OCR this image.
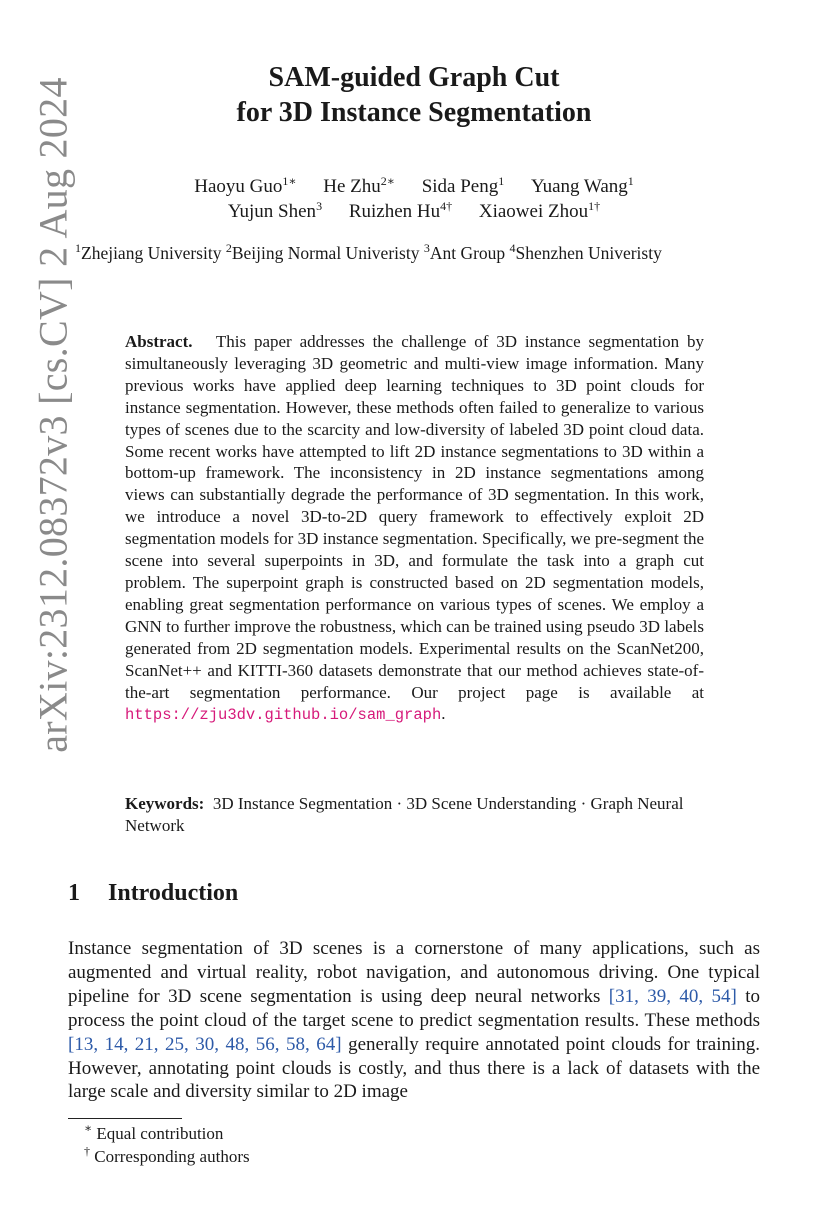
arXiv:2312.08372v3 [cs.CV] 2 Aug 2024	SAM-guided Graph Cut
for 3D Instance Segmentation
Haoyu Guo$^{1∗}$ He Zhu$^{2∗}$ Sida Peng$^1$ Yuang Wang$^1$
Yujun Shen$^3$ Ruizhen $Hu^{4\dagger}$ Xiaowei Zhou$^{1\dagger}$
$^1$Zhejiang University $^2$Beijing Normal Univeristy $^3$Ant Group $^4$Shenzhen Univeristy
Abstract. This paper addresses the challenge of 3D instance segmentation by simultaneously leveraging 3D geometric and multi-view image information. Many previous works have applied deep learning techniques to 3D point clouds for instance segmentation. However, these methods often failed to generalize to various types of scenes due to the scarcity and low-diversity of labeled 3D point cloud data. Some recent works have attempted to lift 2D instance segmentations to 3D within a bottom-up framework. The inconsistency in 2D instance segmentations among views can substantially degrade the performance of 3D segmentation. In this work, we introduce a novel 3D-to-2D query framework to effectively exploit 2D segmentation models for 3D instance segmentation. Specifically, we pre-segment the scene into several superpoints in 3D, and formulate the task into a graph cut problem. The superpoint graph is constructed based on 2D segmentation models, enabling great segmentation performance on various types of scenes. We employ a GNN to further improve the robustness, which can be trained using pseudo 3D labels generated from 2D segmentation models. Experimental results on the ScanNet200, ScanNet++ and KITTI-360 datasets demonstrate that our method achieves state-of-the-art segmentation performance. Our project page is available at https://zju3dv.github.io/sam_graph.
Keywords: 3D Instance Segmentation · 3D Scene Understanding · Graph Neural Network
1 Introduction
Instance segmentation of 3D scenes is a cornerstone of many applications, such as augmented and virtual reality, robot navigation, and autonomous driving. One typical pipeline for 3D scene segmentation is using deep neural networks [31, 39, 40, 54] to process the point cloud of the target scene to predict segmentation results. These methods [13, 14, 21, 25, 30, 48, 56, 58, 64] generally require annotated point clouds for training. However, annotating point clouds is costly, and thus there is a lack of datasets with the large scale and diversity similar to 2D image
∗ Equal contribution
† Corresponding authors
